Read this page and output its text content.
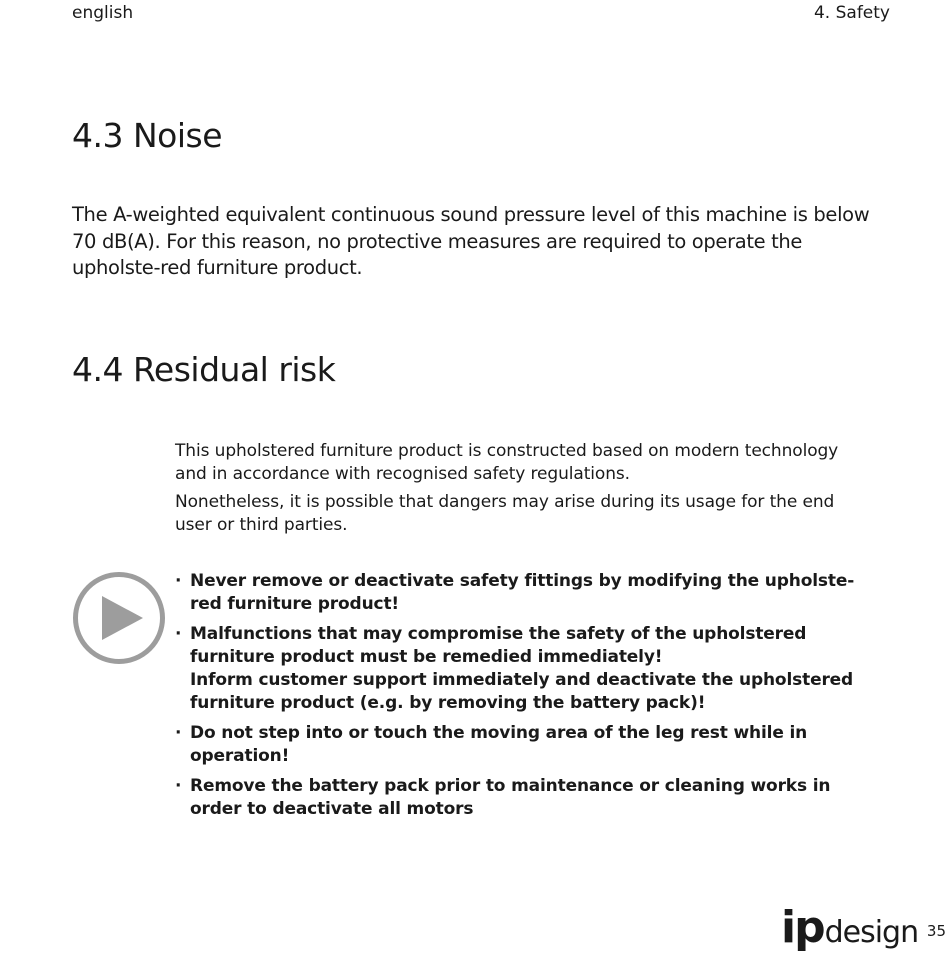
english	4. Safety
4.3 Noise

The A-weighted equivalent continuous sound pressure level of this machine is below 70 dB(A). For this reason, no protective measures are required to operate the upholste-red furniture product.

4.4 Residual risk

This upholstered furniture product is constructed based on modern technology and in accordance with recognised safety regulations.

Nonetheless, it is possible that dangers may arise during its usage for the end user or third parties.

· Never remove or deactivate safety fittings by modifying the upholste-red furniture product!
· Malfunctions that may compromise the safety of the upholstered furniture product must be remedied immediately!
Inform customer support immediately and deactivate the upholstered furniture product (e.g. by removing the battery pack)!
· Do not step into or touch the moving area of the leg rest while in operation!
· Remove the battery pack prior to maintenance or cleaning works in order to deactivate all motors
ip design 35
